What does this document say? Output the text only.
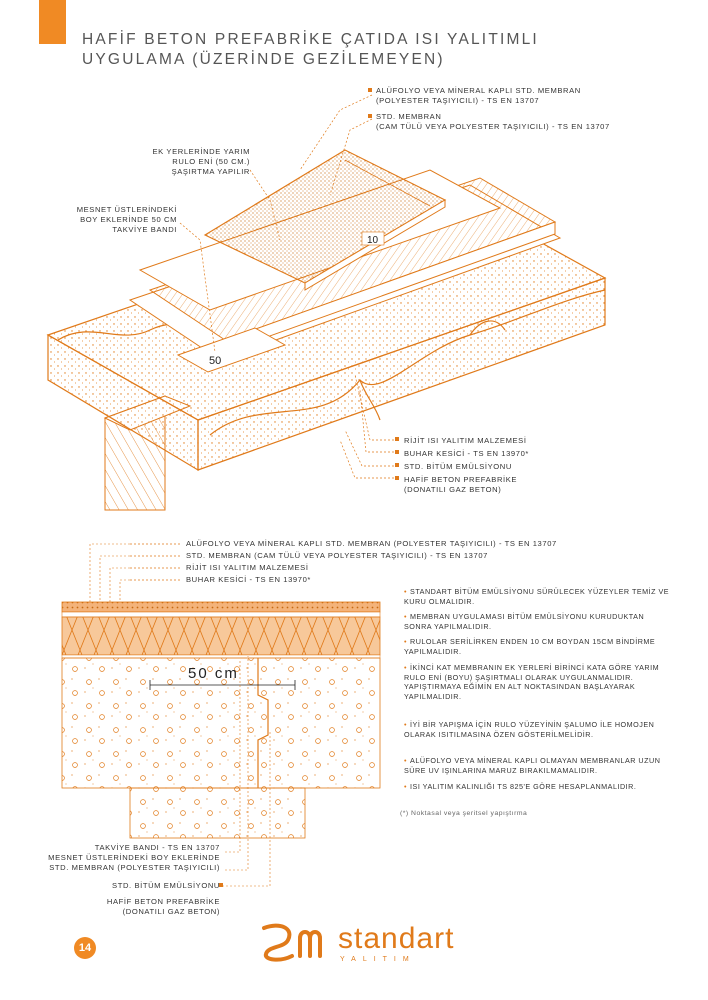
HAFİF BETON PREFABRİKE ÇATIDA ISI YALITIMLI
UYGULAMA (ÜZERİNDE GEZİLEMEYEN)
10
50
ALÜFOLYO VEYA MİNERAL KAPLI STD. MEMBRAN
(POLYESTER TAŞIYICILI) - TS EN 13707
STD. MEMBRAN
(CAM TÜLÜ VEYA POLYESTER TAŞIYICILI) - TS EN 13707
EK YERLERİNDE YARIM
RULO ENİ (50 CM.)
ŞAŞIRTMA YAPILIR
MESNET ÜSTLERİNDEKİ
BOY EKLERİNDE 50 CM
TAKVİYE BANDI
RİJİT ISI YALITIM MALZEMESİ
BUHAR KESİCİ - TS EN 13970*
STD. BİTÜM EMÜLSİYONU
HAFİF BETON PREFABRİKE
(DONATILI GAZ BETON)
50 cm
ALÜFOLYO VEYA MİNERAL KAPLI STD. MEMBRAN (POLYESTER TAŞIYICILI) - TS EN 13707
STD. MEMBRAN (CAM TÜLÜ VEYA POLYESTER TAŞIYICILI) - TS EN 13707
RİJİT ISI YALITIM MALZEMESİ
BUHAR KESİCİ - TS EN 13970*
TAKVİYE BANDI - TS EN 13707
MESNET ÜSTLERİNDEKİ BOY EKLERİNDE
STD. MEMBRAN (POLYESTER TAŞIYICILI)
STD. BİTÜM EMÜLSİYONU
HAFİF BETON PREFABRİKE
(DONATILI GAZ BETON)
• STANDART BİTÜM EMÜLSİYONU SÜRÜLECEK YÜZEYLER TEMİZ VE KURU OLMALIDIR.
• MEMBRAN UYGULAMASI BİTÜM EMÜLSİYONU KURUDUKTAN SONRA YAPILMALIDIR.
• RULOLAR SERİLİRKEN ENDEN 10 CM BOYDAN 15CM BİNDİRME YAPILMALIDIR.
• İKİNCİ KAT MEMBRANIN EK YERLERİ BİRİNCİ KATA GÖRE YARIM RULO ENİ (BOYU) ŞAŞIRTMALI OLARAK UYGULANMALIDIR. YAPIŞTIRMAYA EĞİMİN EN ALT NOKTASINDAN BAŞLAYARAK YAPILMALIDIR.
• İYİ BİR YAPIŞMA İÇİN RULO YÜZEYİNİN ŞALUMO İLE HOMOJEN OLARAK ISITILMASINA ÖZEN GÖSTERİLMELİDİR.
• ALÜFOLYO VEYA MİNERAL KAPLI OLMAYAN MEMBRANLAR UZUN SÜRE UV IŞINLARINA MARUZ BIRAKILMAMALIDIR.
• ISI YALITIM KALINLIĞI TS 825'E GÖRE HESAPLANMALIDIR.
(*) Noktasal veya şeritsel yapıştırma
14	standart
YALITIM
